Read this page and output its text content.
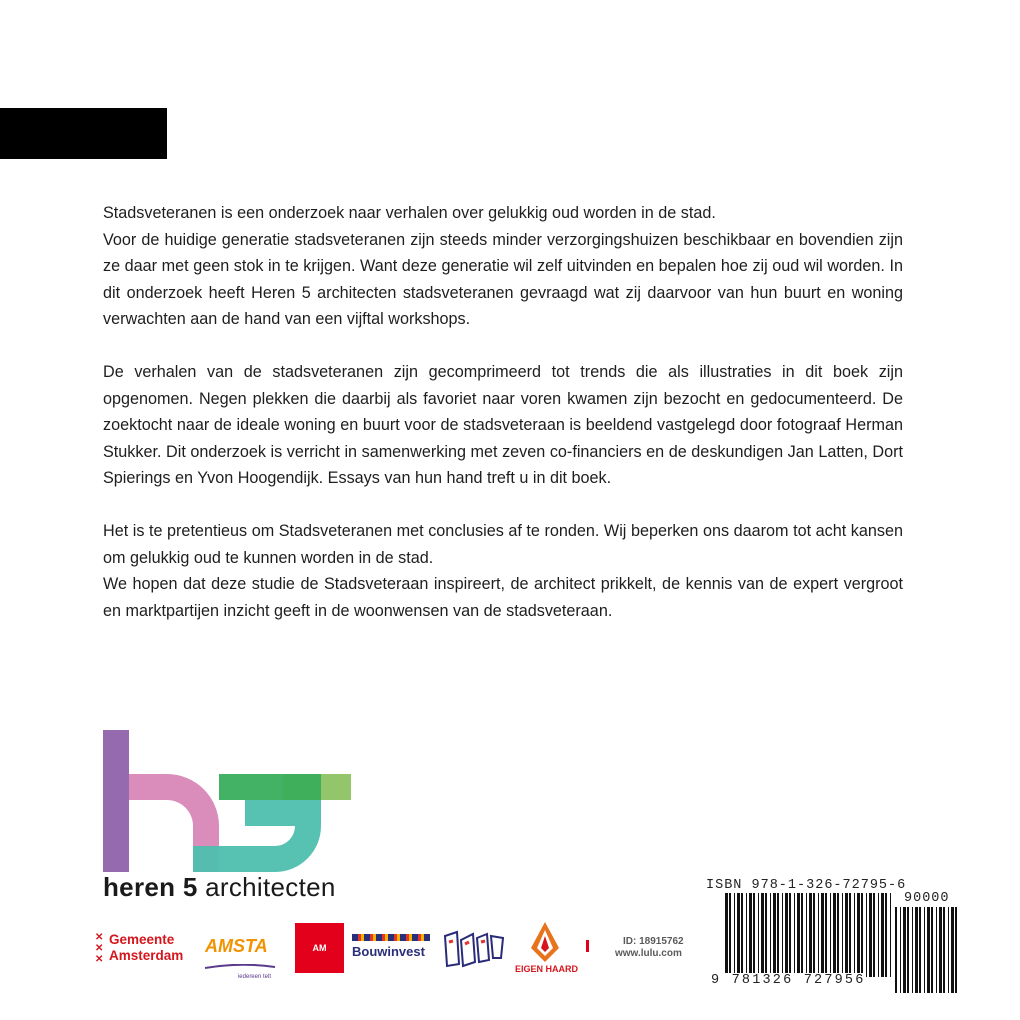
Stadsveteranen is een onderzoek naar verhalen over gelukkig oud worden in de stad.
Voor de huidige generatie stadsveteranen zijn steeds minder verzorgingshuizen beschikbaar en bovendien zijn ze daar met geen stok in te krijgen. Want deze generatie wil zelf uitvinden en bepalen hoe zij oud wil worden. In dit onderzoek heeft Heren 5 architecten stadsveteranen gevraagd wat zij daarvoor van hun buurt en woning verwachten aan de hand van een vijftal workshops.

De verhalen van de stadsveteranen zijn gecomprimeerd tot trends die als illustraties in dit boek zijn opgenomen. Negen plekken die daarbij als favoriet naar voren kwamen zijn bezocht en gedocumenteerd. De zoektocht naar de ideale woning en buurt voor de stadsveteraan is beeldend vastgelegd door fotograaf Herman Stukker. Dit onderzoek is verricht in samenwerking met zeven co-financiers en de deskundigen Jan Latten, Dort Spierings en Yvon Hoogendijk. Essays van hun hand treft u in dit boek.

Het is te pretentieus om Stadsveteranen met conclusies af te ronden. Wij beperken ons daarom tot acht kansen om gelukkig oud te kunnen worden in de stad.
We hopen dat deze studie de Stadsveteraan inspireert, de architect prikkelt, de kennis van de expert vergroot en marktpartijen inzicht geeft in de woonwensen van de stadsveteraan.

heren 5 architecten
✕
✕
✕
Gemeente
Amsterdam AMSTA
iedereen telt
AM	Bouwinvest
EIGEN HAARD
ID: 18915762
www.lulu.com
ISBN 978-1-326-72795-6
90000
9 781326 727956
